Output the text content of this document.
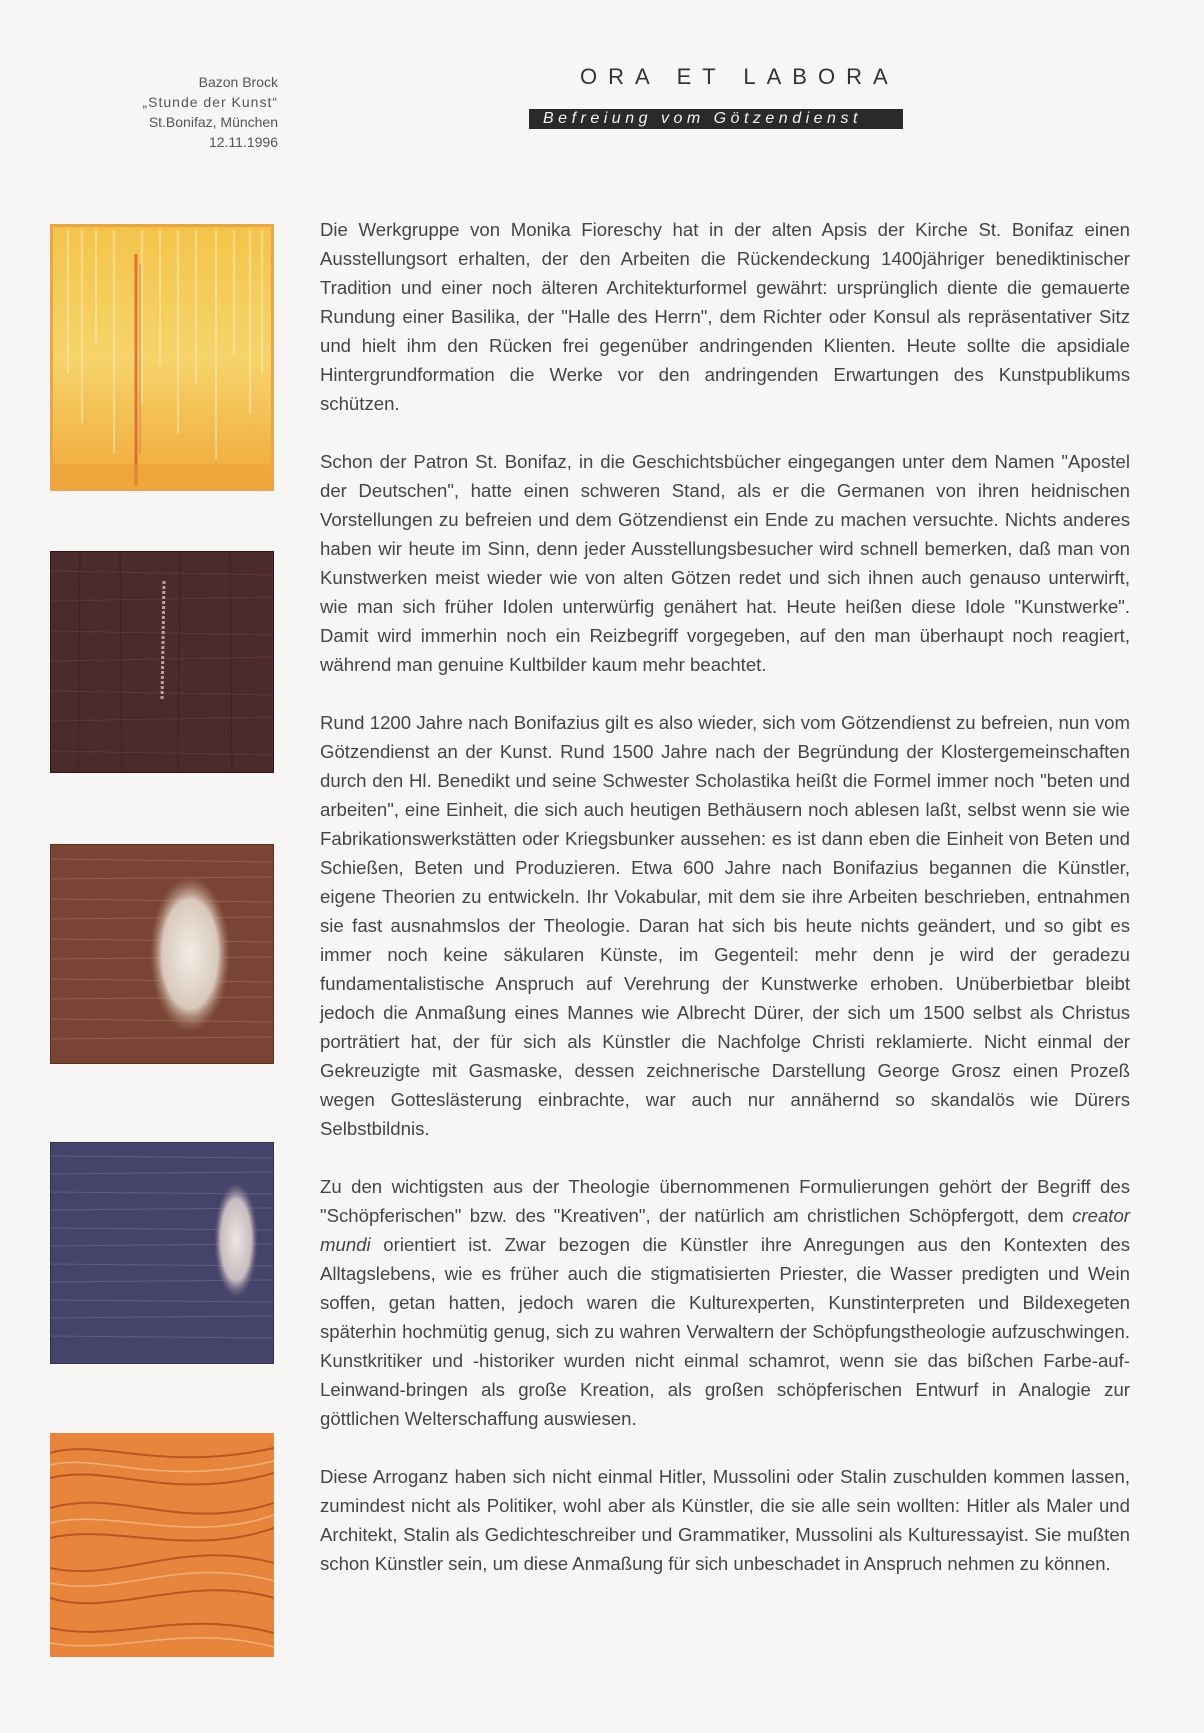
Bazon Brock
„Stunde der Kunst“
St.Bonifaz, München
12.11.1996
ORA ET LABORA
Befreiung vom Götzendienst

Die Werkgruppe von Monika Fioreschy hat in der alten Apsis der Kirche St. Bonifaz einen Ausstellungsort erhalten, der den Arbeiten die Rückendeckung 1400jähriger benediktinischer Tradition und einer noch älteren Architekturformel gewährt: ursprünglich diente die gemauerte Rundung einer Basilika, der "Halle des Herrn", dem Richter oder Konsul als repräsentativer Sitz und hielt ihm den Rücken frei gegenüber andringenden Klienten. Heute sollte die apsidiale Hintergrundformation die Werke vor den andringenden Erwartungen des Kunstpublikums schützen.

Schon der Patron St. Bonifaz, in die Geschichtsbücher eingegangen unter dem Namen "Apostel der Deutschen", hatte einen schweren Stand, als er die Germanen von ihren heidnischen Vorstellungen zu befreien und dem Götzendienst ein Ende zu machen versuchte. Nichts anderes haben wir heute im Sinn, denn jeder Ausstellungsbesucher wird schnell bemerken, daß man von Kunstwerken meist wieder wie von alten Götzen redet und sich ihnen auch genauso unterwirft, wie man sich früher Idolen unterwürfig genähert hat. Heute heißen diese Idole "Kunstwerke". Damit wird immerhin noch ein Reizbegriff vorgegeben, auf den man überhaupt noch reagiert, während man genuine Kultbilder kaum mehr beachtet.

Rund 1200 Jahre nach Bonifazius gilt es also wieder, sich vom Götzendienst zu befreien, nun vom Götzendienst an der Kunst. Rund 1500 Jahre nach der Begründung der Klostergemeinschaften durch den Hl. Benedikt und seine Schwester Scholastika heißt die Formel immer noch "beten und arbeiten", eine Einheit, die sich auch heutigen Bethäusern noch ablesen laßt, selbst wenn sie wie Fabrikationswerkstätten oder Kriegsbunker aussehen: es ist dann eben die Einheit von Beten und Schießen, Beten und Produzieren. Etwa 600 Jahre nach Bonifazius begannen die Künstler, eigene Theorien zu entwickeln. Ihr Vokabular, mit dem sie ihre Arbeiten beschrieben, entnahmen sie fast ausnahmslos der Theologie. Daran hat sich bis heute nichts geändert, und so gibt es immer noch keine säkularen Künste, im Gegenteil: mehr denn je wird der geradezu fundamentalistische Anspruch auf Verehrung der Kunstwerke erhoben. Unüberbietbar bleibt jedoch die Anmaßung eines Mannes wie Albrecht Dürer, der sich um 1500 selbst als Christus porträtiert hat, der für sich als Künstler die Nachfolge Christi reklamierte. Nicht einmal der Gekreuzigte mit Gasmaske, dessen zeichnerische Darstellung George Grosz einen Prozeß wegen Gotteslästerung einbrachte, war auch nur annähernd so skandalös wie Dürers Selbstbildnis.

Zu den wichtigsten aus der Theologie übernommenen Formulierungen gehört der Begriff des "Schöpferischen" bzw. des "Kreativen", der natürlich am christlichen Schöpfergott, dem creator mundi orientiert ist. Zwar bezogen die Künstler ihre Anregungen aus den Kontexten des Alltagslebens, wie es früher auch die stigmatisierten Priester, die Wasser predigten und Wein soffen, getan hatten, jedoch waren die Kulturexperten, Kunstinterpreten und Bildexegeten späterhin hochmütig genug, sich zu wahren Verwaltern der Schöpfungstheologie aufzuschwingen. Kunstkritiker und -historiker wurden nicht einmal schamrot, wenn sie das bißchen Farbe-auf-Leinwand-bringen als große Kreation, als großen schöpferischen Entwurf in Analogie zur göttlichen Welterschaffung auswiesen.

Diese Arroganz haben sich nicht einmal Hitler, Mussolini oder Stalin zuschulden kommen lassen, zumindest nicht als Politiker, wohl aber als Künstler, die sie alle sein wollten: Hitler als Maler und Architekt, Stalin als Gedichteschreiber und Grammatiker, Mussolini als Kulturessayist. Sie mußten schon Künstler sein, um diese Anmaßung für sich unbeschadet in Anspruch nehmen zu können.
